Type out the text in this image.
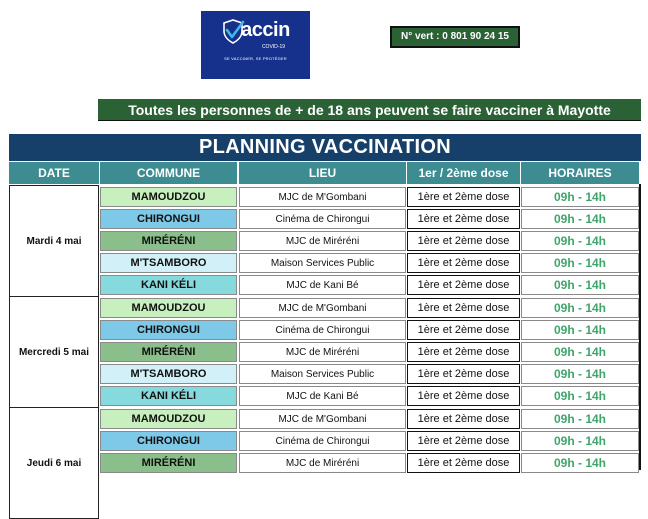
accin
COVID-19
SE VACCINER, SE PROTÉGER
N° vert : 0 801 90 24 15
Toutes les personnes de + de 18 ans peuvent se faire vacciner à Mayotte
PLANNING VACCINATION
DATE	COMMUNE	LIEU	1er / 2ème dose	HORAIRES
Mardi 4 mai
MAMOUDZOU	MJC de M'Gombani	1ère et 2ème dose	09h - 14h
CHIRONGUI	Cinéma de Chirongui	1ère et 2ème dose	09h - 14h
MIRÉRÉNI	MJC de Miréréni	1ère et 2ème dose	09h - 14h
M'TSAMBORO	Maison Services Public	1ère et 2ème dose	09h - 14h
KANI KÉLI	MJC de Kani Bé	1ère et 2ème dose	09h - 14h
Mercredi 5 mai
MAMOUDZOU	MJC de M'Gombani	1ère et 2ème dose	09h - 14h
CHIRONGUI	Cinéma de Chirongui	1ère et 2ème dose	09h - 14h
MIRÉRÉNI	MJC de Miréréni	1ère et 2ème dose	09h - 14h
M'TSAMBORO	Maison Services Public	1ère et 2ème dose	09h - 14h
KANI KÉLI	MJC de Kani Bé	1ère et 2ème dose	09h - 14h
Jeudi 6 mai
MAMOUDZOU	MJC de M'Gombani	1ère et 2ème dose	09h - 14h
CHIRONGUI	Cinéma de Chirongui	1ère et 2ème dose	09h - 14h
MIRÉRÉNI	MJC de Miréréni	1ère et 2ème dose	09h - 14h
